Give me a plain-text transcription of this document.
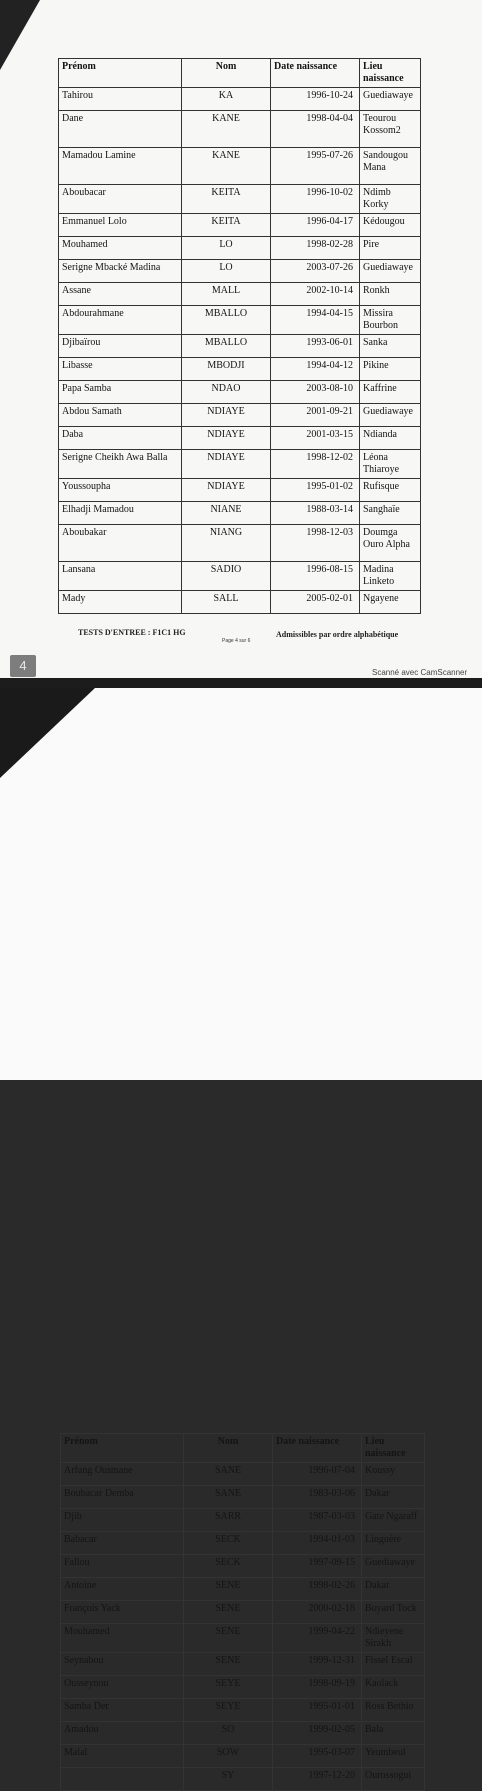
Prénom	Nom	Date naissance	Lieu naissance
Tahirou	KA	1996-10-24	Guediawaye
Dane	KANE	1998-04-04	Teourou Kossom2
Mamadou Lamine	KANE	1995-07-26	Sandougou Mana
Aboubacar	KEITA	1996-10-02	Ndimb Korky
Emmanuel Lolo	KEITA	1996-04-17	Kédougou
Mouhamed	LO	1998-02-28	Pire
Serigne Mbacké Madina	LO	2003-07-26	Guediawaye
Assane	MALL	2002-10-14	Ronkh
Abdourahmane	MBALLO	1994-04-15	Missira Bourbon
Djibaïrou	MBALLO	1993-06-01	Sanka
Libasse	MBODJI	1994-04-12	Pikine
Papa Samba	NDAO	2003-08-10	Kaffrine
Abdou Samath	NDIAYE	2001-09-21	Guediawaye
Daba	NDIAYE	2001-03-15	Ndianda
Serigne Cheikh Awa Balla	NDIAYE	1998-12-02	Léona Thiaroye
Youssoupha	NDIAYE	1995-01-02	Rufisque
Elhadji Mamadou	NIANE	1988-03-14	Sanghaïe
Aboubakar	NIANG	1998-12-03	Doumga Ouro Alpha
Lansana	SADIO	1996-08-15	Madina Linketo
Mady	SALL	2005-02-01	Ngayene
TESTS D'ENTREE : F1C1 HG	Admissibles par ordre alphabétique
Page 4 sur 6
4	Scanné avec CamScanner
Prénom	Nom	Date naissance	Lieu naissance
Arfang Ousmane	SANE	1996-07-04	Koussy
Boubacar Demba	SANE	1983-03-06	Dakar
Djib	SARR	1987-03-03	Gate Ngaraff
Babacar	SECK	1994-01-03	Linguére
Fallou	SECK	1997-09-15	Guediawaye
Antoine	SENE	1998-02-26	Dakar
François Yack	SENE	2000-02-18	Boyard Tock
Mouhamed	SENE	1999-04-22	Ndieyene Sirakh
Seynabou	SENE	1999-12-31	Fissel Escal
Ousseynou	SEYE	1998-09-19	Kaolack
Samba Der	SEYE	1995-01-01	Ross Bethio
Amadou	SO	1999-02-05	Bala
Malal	SOW	1995-03-07	Yeumbeul
	SY	1997-12-20	Ourossogui
